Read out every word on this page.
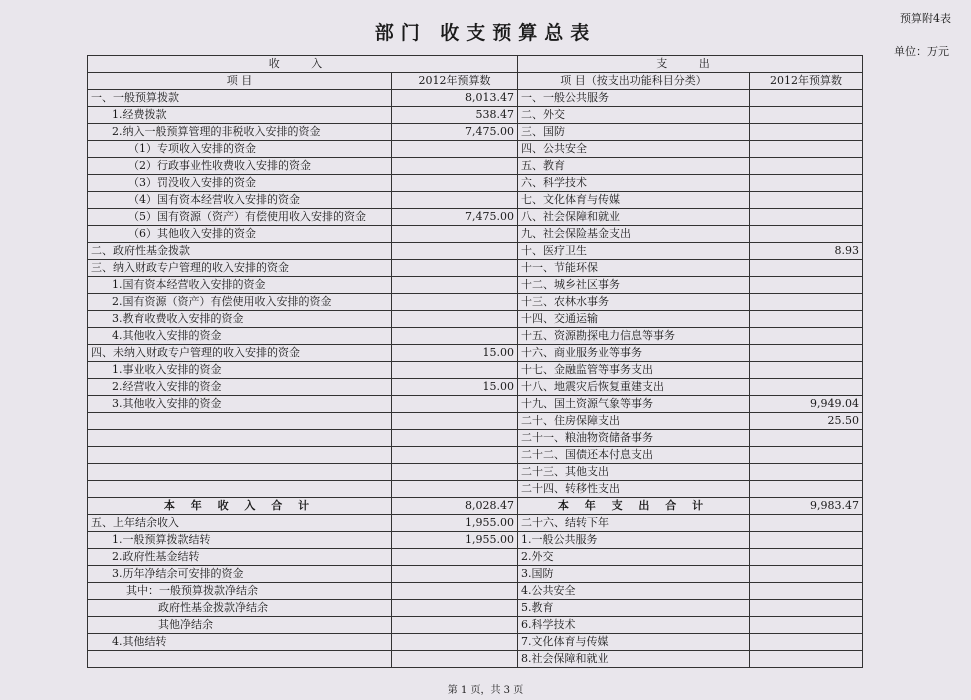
预算附4表
部门 收支预算总表
单位：万元
收 入		支 出	
项 目	2012年预算数	项 目（按支出功能科目分类）	2012年预算数
一、一般预算拨款	8,013.47	一、一般公共服务	
1.经费拨款	538.47	二、外交	
2.纳入一般预算管理的非税收入安排的资金	7,475.00	三、国防	
（1）专项收入安排的资金		四、公共安全	
（2）行政事业性收费收入安排的资金		五、教育	
（3）罚没收入安排的资金		六、科学技术	
（4）国有资本经营收入安排的资金		七、文化体育与传媒	
（5）国有资源（资产）有偿使用收入安排的资金	7,475.00	八、社会保障和就业	
（6）其他收入安排的资金		九、社会保险基金支出	
二、政府性基金拨款		十、医疗卫生	8.93
三、纳入财政专户管理的收入安排的资金		十一、节能环保	
1.国有资本经营收入安排的资金		十二、城乡社区事务	
2.国有资源（资产）有偿使用收入安排的资金		十三、农林水事务	
3.教育收费收入安排的资金		十四、交通运输	
4.其他收入安排的资金		十五、资源勘探电力信息等事务	
四、未纳入财政专户管理的收入安排的资金	15.00	十六、商业服务业等事务	
1.事业收入安排的资金		十七、金融监管等事务支出	
2.经营收入安排的资金	15.00	十八、地震灾后恢复重建支出	
3.其他收入安排的资金		十九、国土资源气象等事务	9,949.04
		二十、住房保障支出	25.50
		二十一、粮油物资储备事务	
		二十二、国债还本付息支出	
		二十三、其他支出	
		二十四、转移性支出	
本 年 收 入 合 计	8,028.47	本 年 支 出 合 计	9,983.47
五、上年结余收入	1,955.00	二十六、结转下年	
1.一般预算拨款结转	1,955.00	1.一般公共服务	
2.政府性基金结转		2.外交	
3.历年净结余可安排的资金		3.国防	
其中：一般预算拨款净结余		4.公共安全	
政府性基金拨款净结余		5.教育	
其他净结余		6.科学技术	
4.其他结转		7.文化体育与传媒	
		8.社会保障和就业	
第 1 页，共 3 页
